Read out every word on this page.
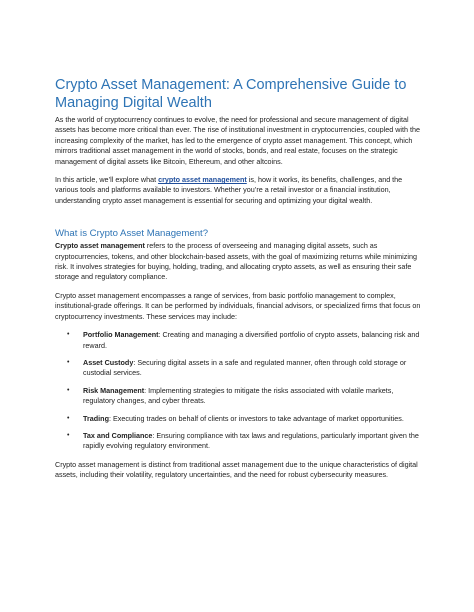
Crypto Asset Management: A Comprehensive Guide to Managing Digital Wealth

As the world of cryptocurrency continues to evolve, the need for professional and secure management of digital assets has become more critical than ever. The rise of institutional investment in cryptocurrencies, coupled with the increasing complexity of the market, has led to the emergence of crypto asset management. This concept, which mirrors traditional asset management in the world of stocks, bonds, and real estate, focuses on the strategic management of digital assets like Bitcoin, Ethereum, and other altcoins.

In this article, we’ll explore what crypto asset management is, how it works, its benefits, challenges, and the various tools and platforms available to investors. Whether you’re a retail investor or a financial institution, understanding crypto asset management is essential for securing and optimizing your digital wealth.

What is Crypto Asset Management?

Crypto asset management refers to the process of overseeing and managing digital assets, such as cryptocurrencies, tokens, and other blockchain-based assets, with the goal of maximizing returns while minimizing risk. It involves strategies for buying, holding, trading, and allocating crypto assets, as well as ensuring their safe storage and regulatory compliance.

Crypto asset management encompasses a range of services, from basic portfolio management to complex, institutional-grade offerings. It can be performed by individuals, financial advisors, or specialized firms that focus on cryptocurrency investments. These services may include:

• Portfolio Management: Creating and managing a diversified portfolio of crypto assets, balancing risk and reward.
• Asset Custody: Securing digital assets in a safe and regulated manner, often through cold storage or custodial services.
• Risk Management: Implementing strategies to mitigate the risks associated with volatile markets, regulatory changes, and cyber threats.
• Trading: Executing trades on behalf of clients or investors to take advantage of market opportunities.
• Tax and Compliance: Ensuring compliance with tax laws and regulations, particularly important given the rapidly evolving regulatory environment.

Crypto asset management is distinct from traditional asset management due to the unique characteristics of digital assets, including their volatility, regulatory uncertainties, and the need for robust cybersecurity measures.
